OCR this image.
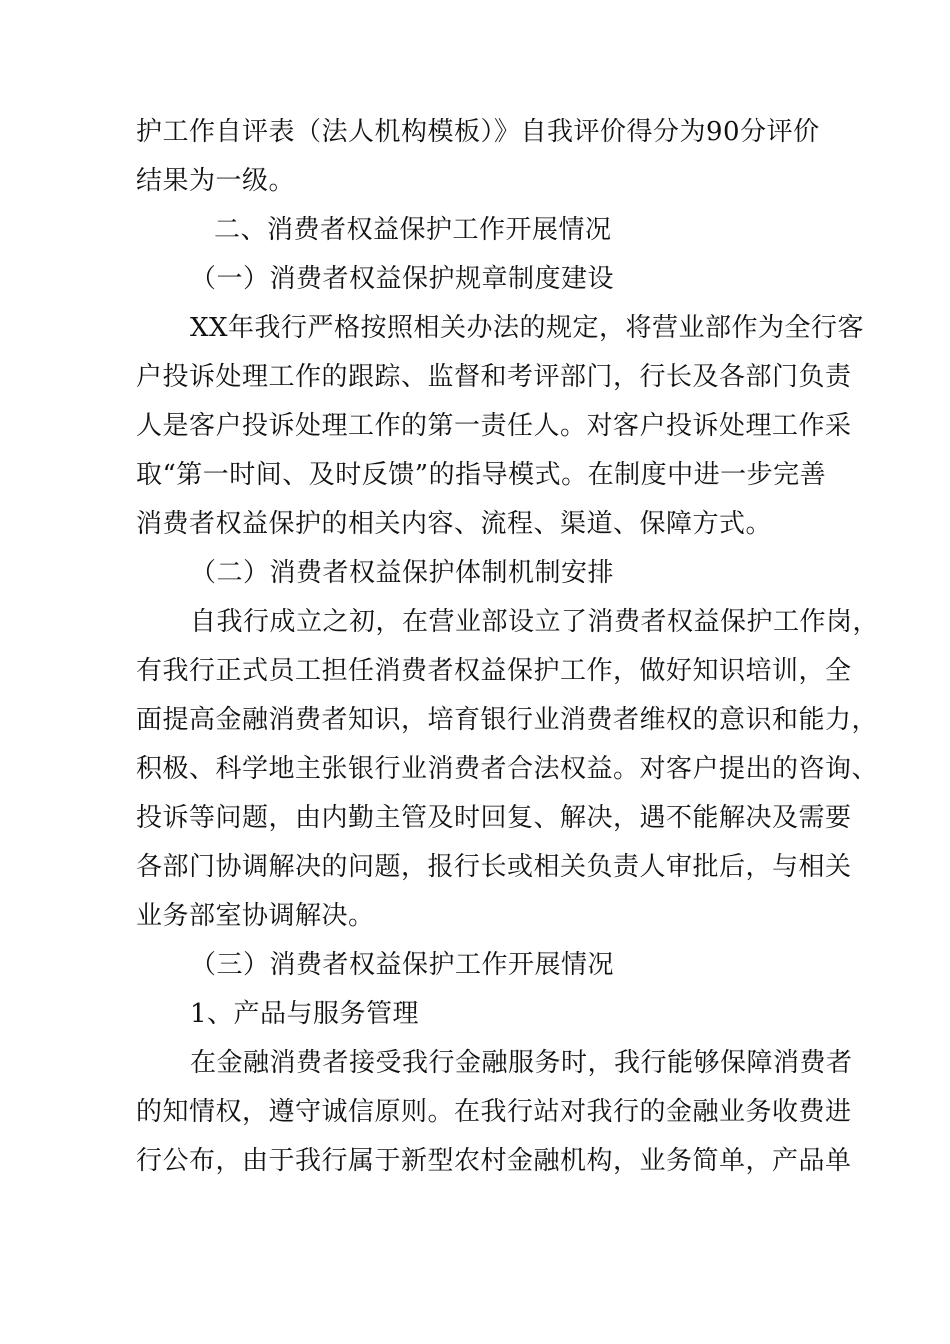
护工作自评表（法人机构模板）》自我评价得分为90分评价
结果为一级。
二、消费者权益保护工作开展情况
（一）消费者权益保护规章制度建设
XX年我行严格按照相关办法的规定，将营业部作为全行客
户投诉处理工作的跟踪、监督和考评部门，行长及各部门负责
人是客户投诉处理工作的第一责任人。对客户投诉处理工作采
取“第一时间、及时反馈”的指导模式。在制度中进一步完善
消费者权益保护的相关内容、流程、渠道、保障方式。
（二）消费者权益保护体制机制安排
自我行成立之初，在营业部设立了消费者权益保护工作岗，
有我行正式员工担任消费者权益保护工作，做好知识培训，全
面提高金融消费者知识，培育银行业消费者维权的意识和能力，
积极、科学地主张银行业消费者合法权益。对客户提出的咨询、
投诉等问题，由内勤主管及时回复、解决，遇不能解决及需要
各部门协调解决的问题，报行长或相关负责人审批后，与相关
业务部室协调解决。
（三）消费者权益保护工作开展情况
1、产品与服务管理
在金融消费者接受我行金融服务时，我行能够保障消费者
的知情权，遵守诚信原则。在我行站对我行的金融业务收费进
行公布，由于我行属于新型农村金融机构，业务简单，产品单
